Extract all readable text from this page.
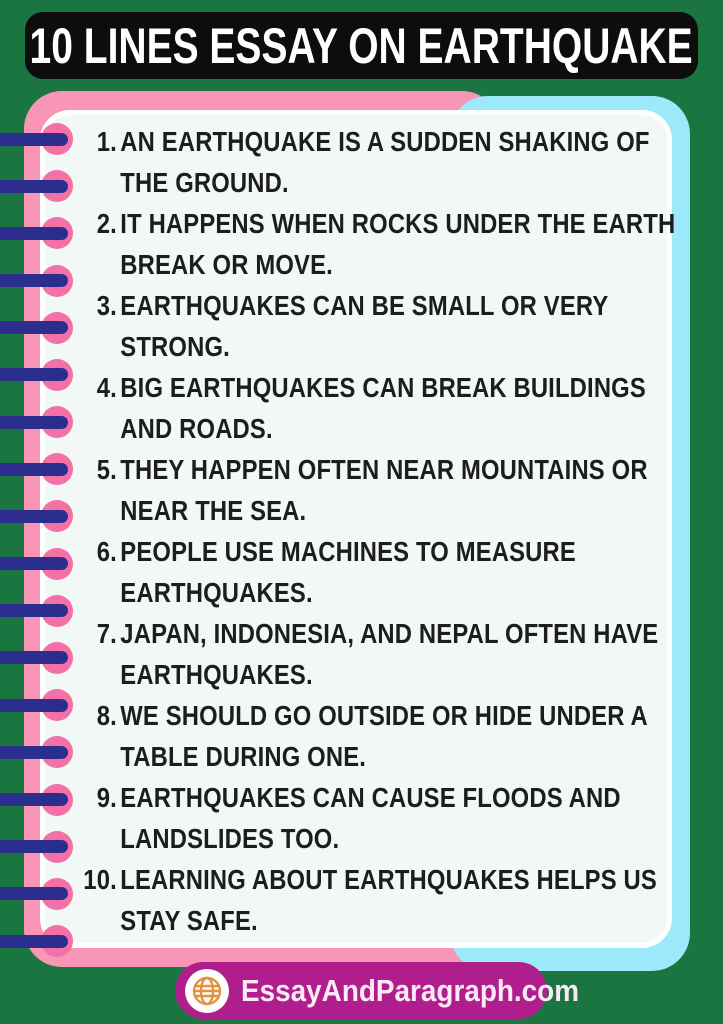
10 LINES ESSAY ON EARTHQUAKE
1. AN EARTHQUAKE IS A SUDDEN SHAKING OF
THE GROUND.
2. IT HAPPENS WHEN ROCKS UNDER THE EARTH
BREAK OR MOVE.
3. EARTHQUAKES CAN BE SMALL OR VERY
STRONG.
4. BIG EARTHQUAKES CAN BREAK BUILDINGS
AND ROADS.
5. THEY HAPPEN OFTEN NEAR MOUNTAINS OR
NEAR THE SEA.
6. PEOPLE USE MACHINES TO MEASURE
EARTHQUAKES.
7. JAPAN, INDONESIA, AND NEPAL OFTEN HAVE
EARTHQUAKES.
8. WE SHOULD GO OUTSIDE OR HIDE UNDER A
TABLE DURING ONE.
9. EARTHQUAKES CAN CAUSE FLOODS AND
LANDSLIDES TOO.
10. LEARNING ABOUT EARTHQUAKES HELPS US
STAY SAFE.
EssayAndParagraph.com
